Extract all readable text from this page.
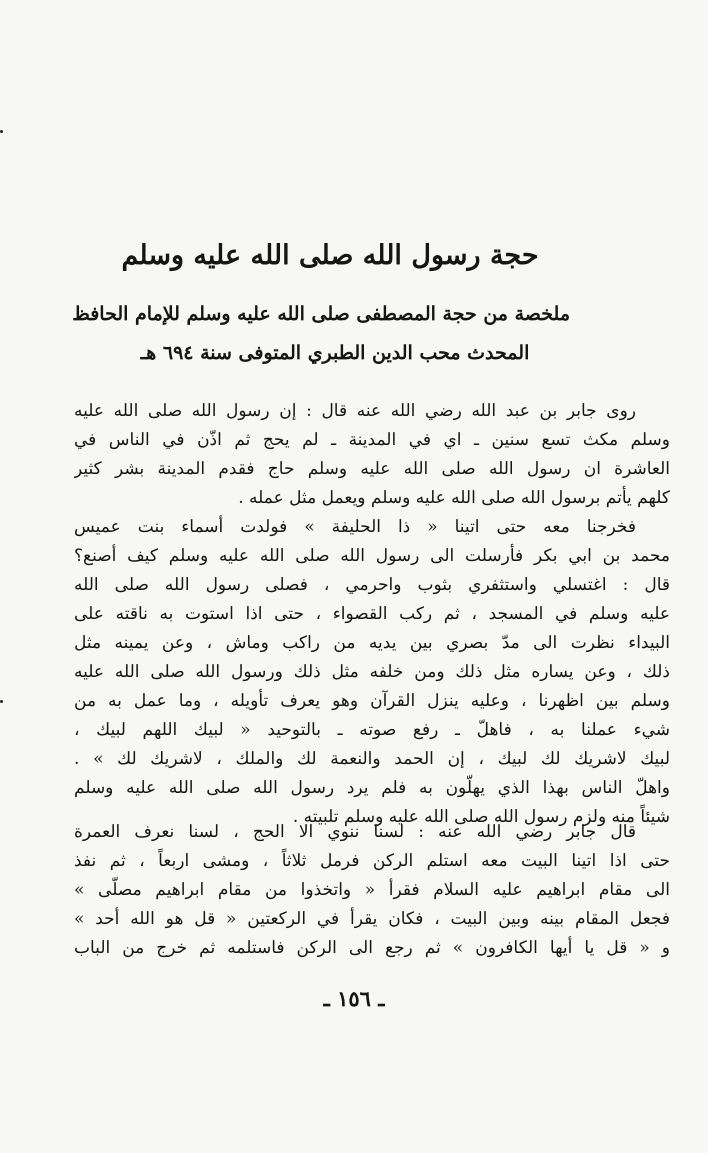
حجة رسول الله صلى الله عليه وسلم
ملخصة من حجة المصطفى صلى الله عليه وسلم للإمام الحافظ
المحدث محب الدين الطبري المتوفى سنة ٦٩٤ هـ
روى جابر بن عبد الله رضي الله عنه قال : إن رسول الله صلى الله عليه
وسلم مكث تسع سنين ـ اي في المدينة ـ لم يحج ثم اذّن في الناس في
العاشرة ان رسول الله صلى الله عليه وسلم حاج فقدم المدينة بشر كثير
كلهم يأتم برسول الله صلى الله عليه وسلم ويعمل مثل عمله .
فخرجنا معه حتى اتينا « ذا الحليفة » فولدت أسماء بنت عميس
محمد بن ابي بكر فأرسلت الى رسول الله صلى الله عليه وسلم كيف أصنع؟
قال : اغتسلي واستثفري بثوب واحرمي ، فصلى رسول الله صلى الله
عليه وسلم في المسجد ، ثم ركب القصواء ، حتى اذا استوت به ناقته على
البيداء نظرت الى مدّ بصري بين يديه من راكب وماش ، وعن يمينه مثل
ذلك ، وعن يساره مثل ذلك ومن خلفه مثل ذلك ورسول الله صلى الله عليه
وسلم بين اظهرنا ، وعليه ينزل القرآن وهو يعرف تأويله ، وما عمل به من
شيء عملنا به ، فاهلّ ـ رفع صوته ـ بالتوحيد « لبيك اللهم لبيك ،
لبيك لاشريك لك لبيك ، إن الحمد والنعمة لك والملك ، لاشريك لك » .
واهلّ الناس بهذا الذي يهلّون به فلم يرد رسول الله صلى الله عليه وسلم
شيئاً منه ولزم رسول الله صلى الله عليه وسلم تلبيته .
قال جابر رضي الله عنه : لسنا ننوي الا الحج ، لسنا نعرف العمرة
حتى اذا اتينا البيت معه استلم الركن فرمل ثلاثاً ، ومشى اربعاً ، ثم نفذ
الى مقام ابراهيم عليه السلام فقرأ « واتخذوا من مقام ابراهيم مصلّى »
فجعل المقام بينه وبين البيت ، فكان يقرأ في الركعتين « قل هو الله أحد »
و « قل يا أيها الكافرون » ثم رجع الى الركن فاستلمه ثم خرج من الباب
ـ ١٥٦ ـ
